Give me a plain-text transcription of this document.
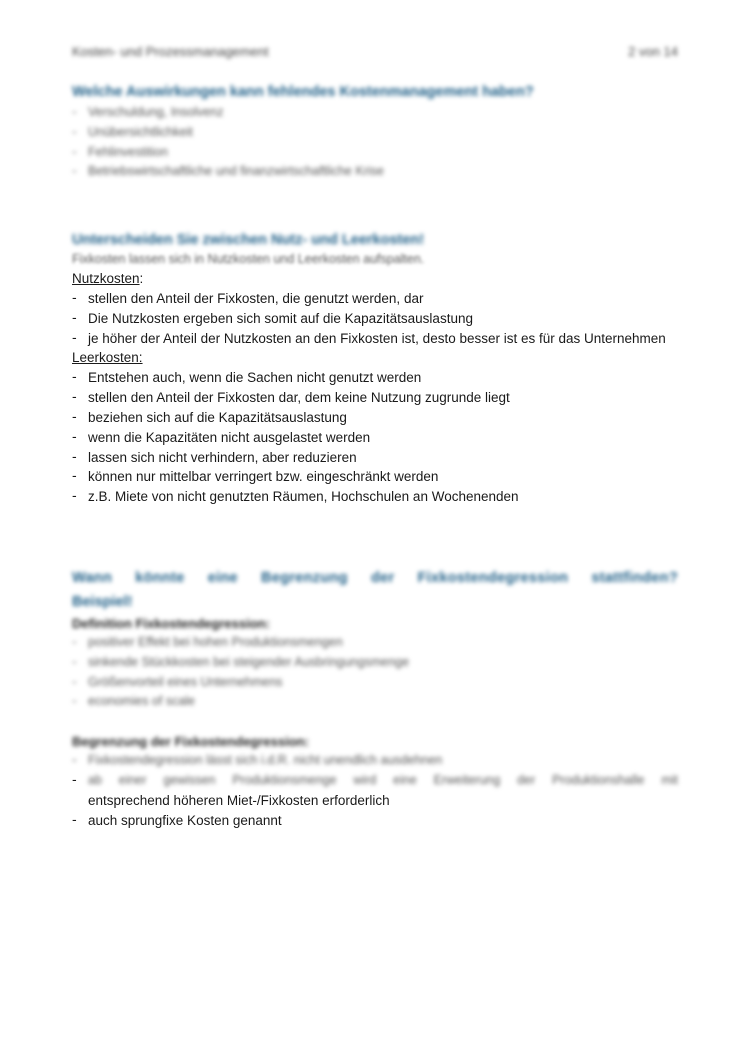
Kosten- und Prozessmanagement	2 von 14

Welche Auswirkungen kann fehlendes Kostenmanagement haben?

- Verschuldung, Insolvenz
- Unübersichtlichkeit
- Fehlinvestition
- Betriebswirtschaftliche und finanzwirtschaftliche Krise

Unterscheiden Sie zwischen Nutz- und Leerkosten!

Fixkosten lassen sich in Nutzkosten und Leerkosten aufspalten.

Nutzkosten:

- stellen den Anteil der Fixkosten, die genutzt werden, dar
- Die Nutzkosten ergeben sich somit auf die Kapazitätsauslastung
- je höher der Anteil der Nutzkosten an den Fixkosten ist, desto besser ist es für das Unternehmen

Leerkosten:

- Entstehen auch, wenn die Sachen nicht genutzt werden
- stellen den Anteil der Fixkosten dar, dem keine Nutzung zugrunde liegt
- beziehen sich auf die Kapazitätsauslastung
- wenn die Kapazitäten nicht ausgelastet werden
- lassen sich nicht verhindern, aber reduzieren
- können nur mittelbar verringert bzw. eingeschränkt werden
- z.B. Miete von nicht genutzten Räumen, Hochschulen an Wochenenden

Wann könnte eine Begrenzung der Fixkostendegression stattfinden?

Beispiel!

Definition Fixkostendegression:

- positiver Effekt bei hohen Produktionsmengen
- sinkende Stückkosten bei steigender Ausbringungsmenge
- Größenvorteil eines Unternehmens
- economies of scale

Begrenzung der Fixkostendegression:

- Fixkostendegression lässt sich i.d.R. nicht unendlich ausdehnen
- ab einer gewissen Produktionsmenge wird eine Erweiterung der Produktionshalle mit
entsprechend höheren Miet-/Fixkosten erforderlich
- auch sprungfixe Kosten genannt
